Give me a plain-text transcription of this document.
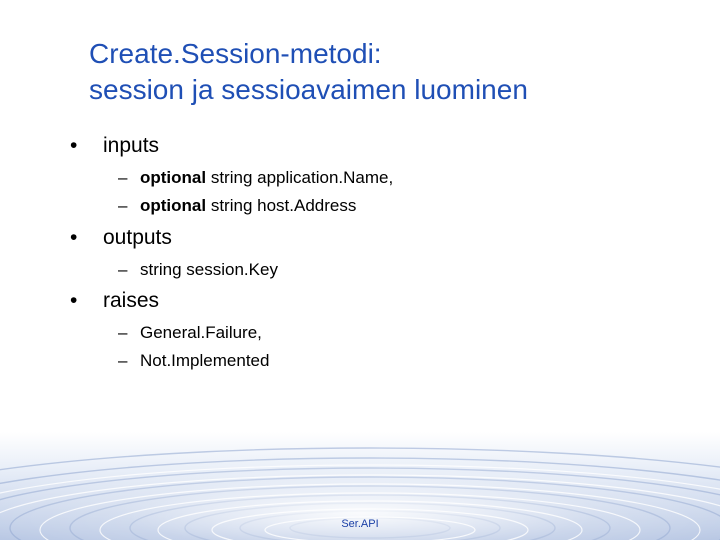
Create.Session-metodi:
session ja sessioavaimen luominen
• inputs
– optional string application.Name,
– optional string host.Address
• outputs
– string session.Key
• raises
– General.Failure,
– Not.Implemented
Ser.API
